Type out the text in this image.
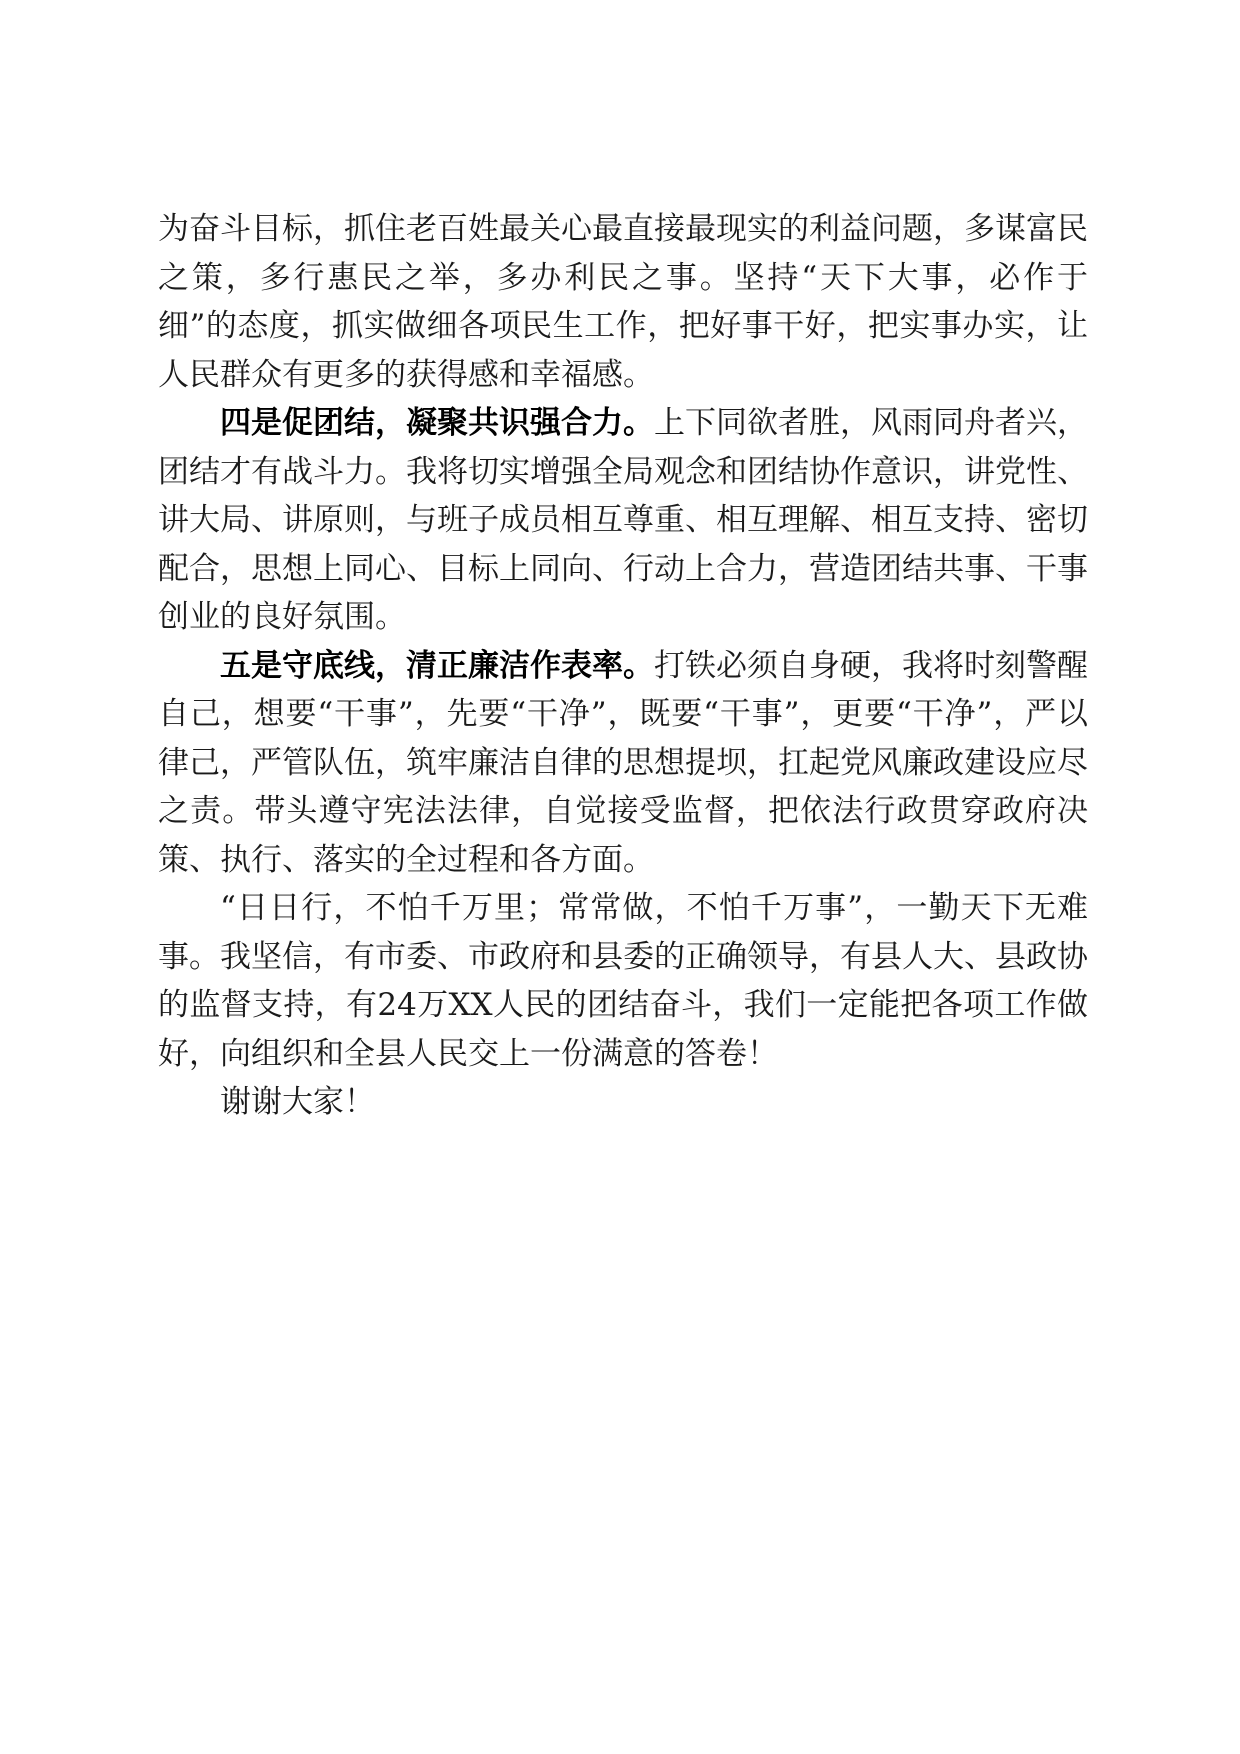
为奋斗目标，抓住老百姓最关心最直接最现实的利益问题，多谋富民之策，多行惠民之举，多办利民之事。坚持“天下大事，必作于细”的态度，抓实做细各项民生工作，把好事干好，把实事办实，让人民群众有更多的获得感和幸福感。

四是促团结，凝聚共识强合力。上下同欲者胜，风雨同舟者兴，团结才有战斗力。我将切实增强全局观念和团结协作意识，讲党性、讲大局、讲原则，与班子成员相互尊重、相互理解、相互支持、密切配合，思想上同心、目标上同向、行动上合力，营造团结共事、干事创业的良好氛围。

五是守底线，清正廉洁作表率。打铁必须自身硬，我将时刻警醒自己，想要“干事”，先要“干净”，既要“干事”，更要“干净”，严以律己，严管队伍，筑牢廉洁自律的思想提坝，扛起党风廉政建设应尽之责。带头遵守宪法法律，自觉接受监督，把依法行政贯穿政府决策、执行、落实的全过程和各方面。

“日日行，不怕千万里；常常做，不怕千万事”，一勤天下无难事。我坚信，有市委、市政府和县委的正确领导，有县人大、县政协的监督支持，有24万XX人民的团结奋斗，我们一定能把各项工作做好，向组织和全县人民交上一份满意的答卷！

谢谢大家！
